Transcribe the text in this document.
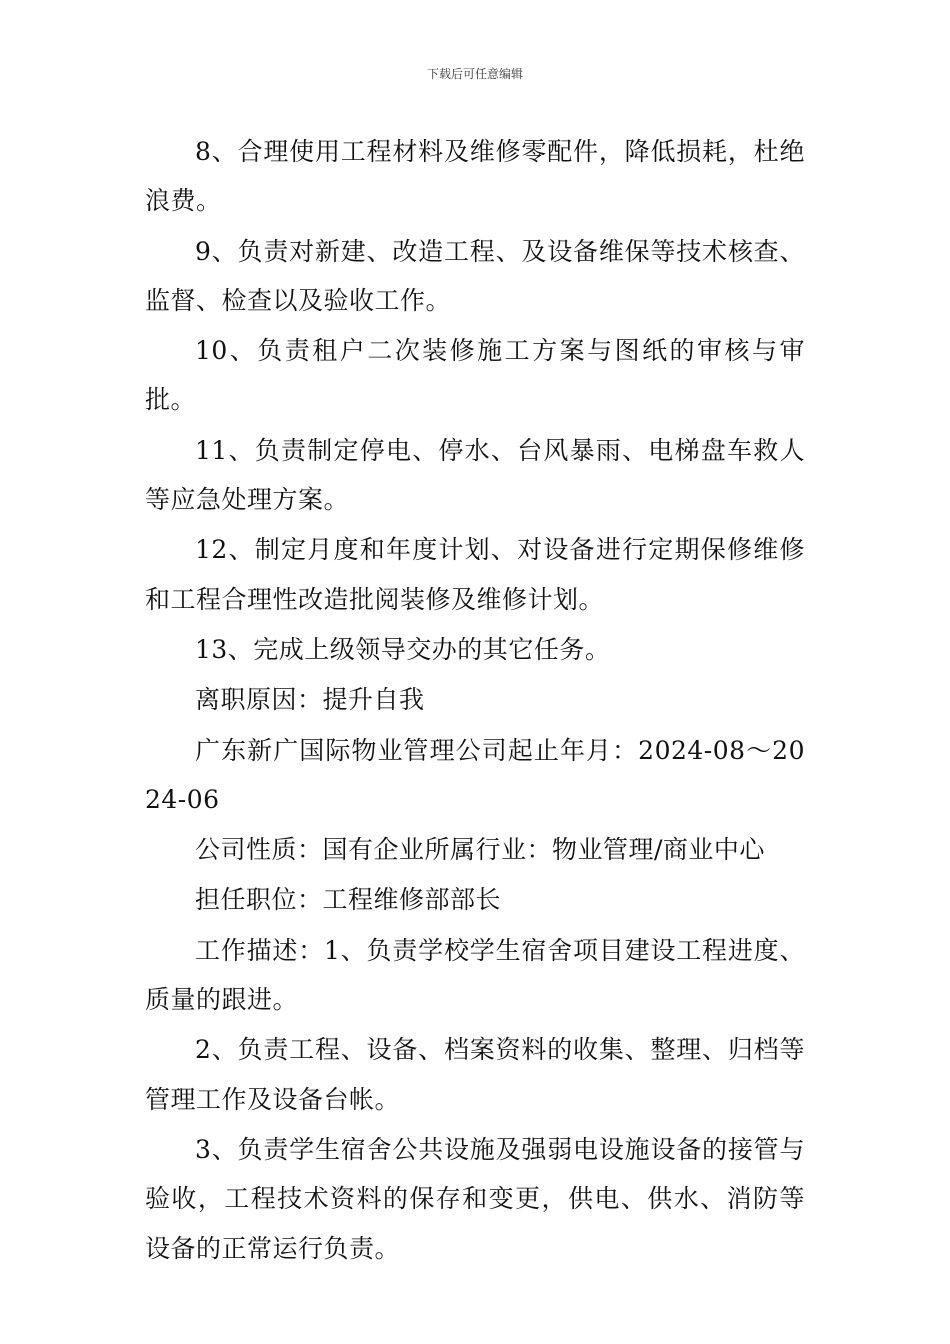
下载后可任意编辑

8、合理使用工程材料及维修零配件，降低损耗，杜绝浪费。

9、负责对新建、改造工程、及设备维保等技术核查、监督、检查以及验收工作。

10、负责租户二次装修施工方案与图纸的审核与审批。

11、负责制定停电、停水、台风暴雨、电梯盘车救人等应急处理方案。

12、制定月度和年度计划、对设备进行定期保修维修和工程合理性改造批阅装修及维修计划。

13、完成上级领导交办的其它任务。

离职原因：提升自我

广东新广国际物业管理公司起止年月：2024-08～2024-06

公司性质：国有企业所属行业：物业管理/商业中心

担任职位：工程维修部部长

工作描述：1、负责学校学生宿舍项目建设工程进度、质量的跟进。

2、负责工程、设备、档案资料的收集、整理、归档等管理工作及设备台帐。

3、负责学生宿舍公共设施及强弱电设施设备的接管与验收，工程技术资料的保存和变更，供电、供水、消防等设备的正常运行负责。
